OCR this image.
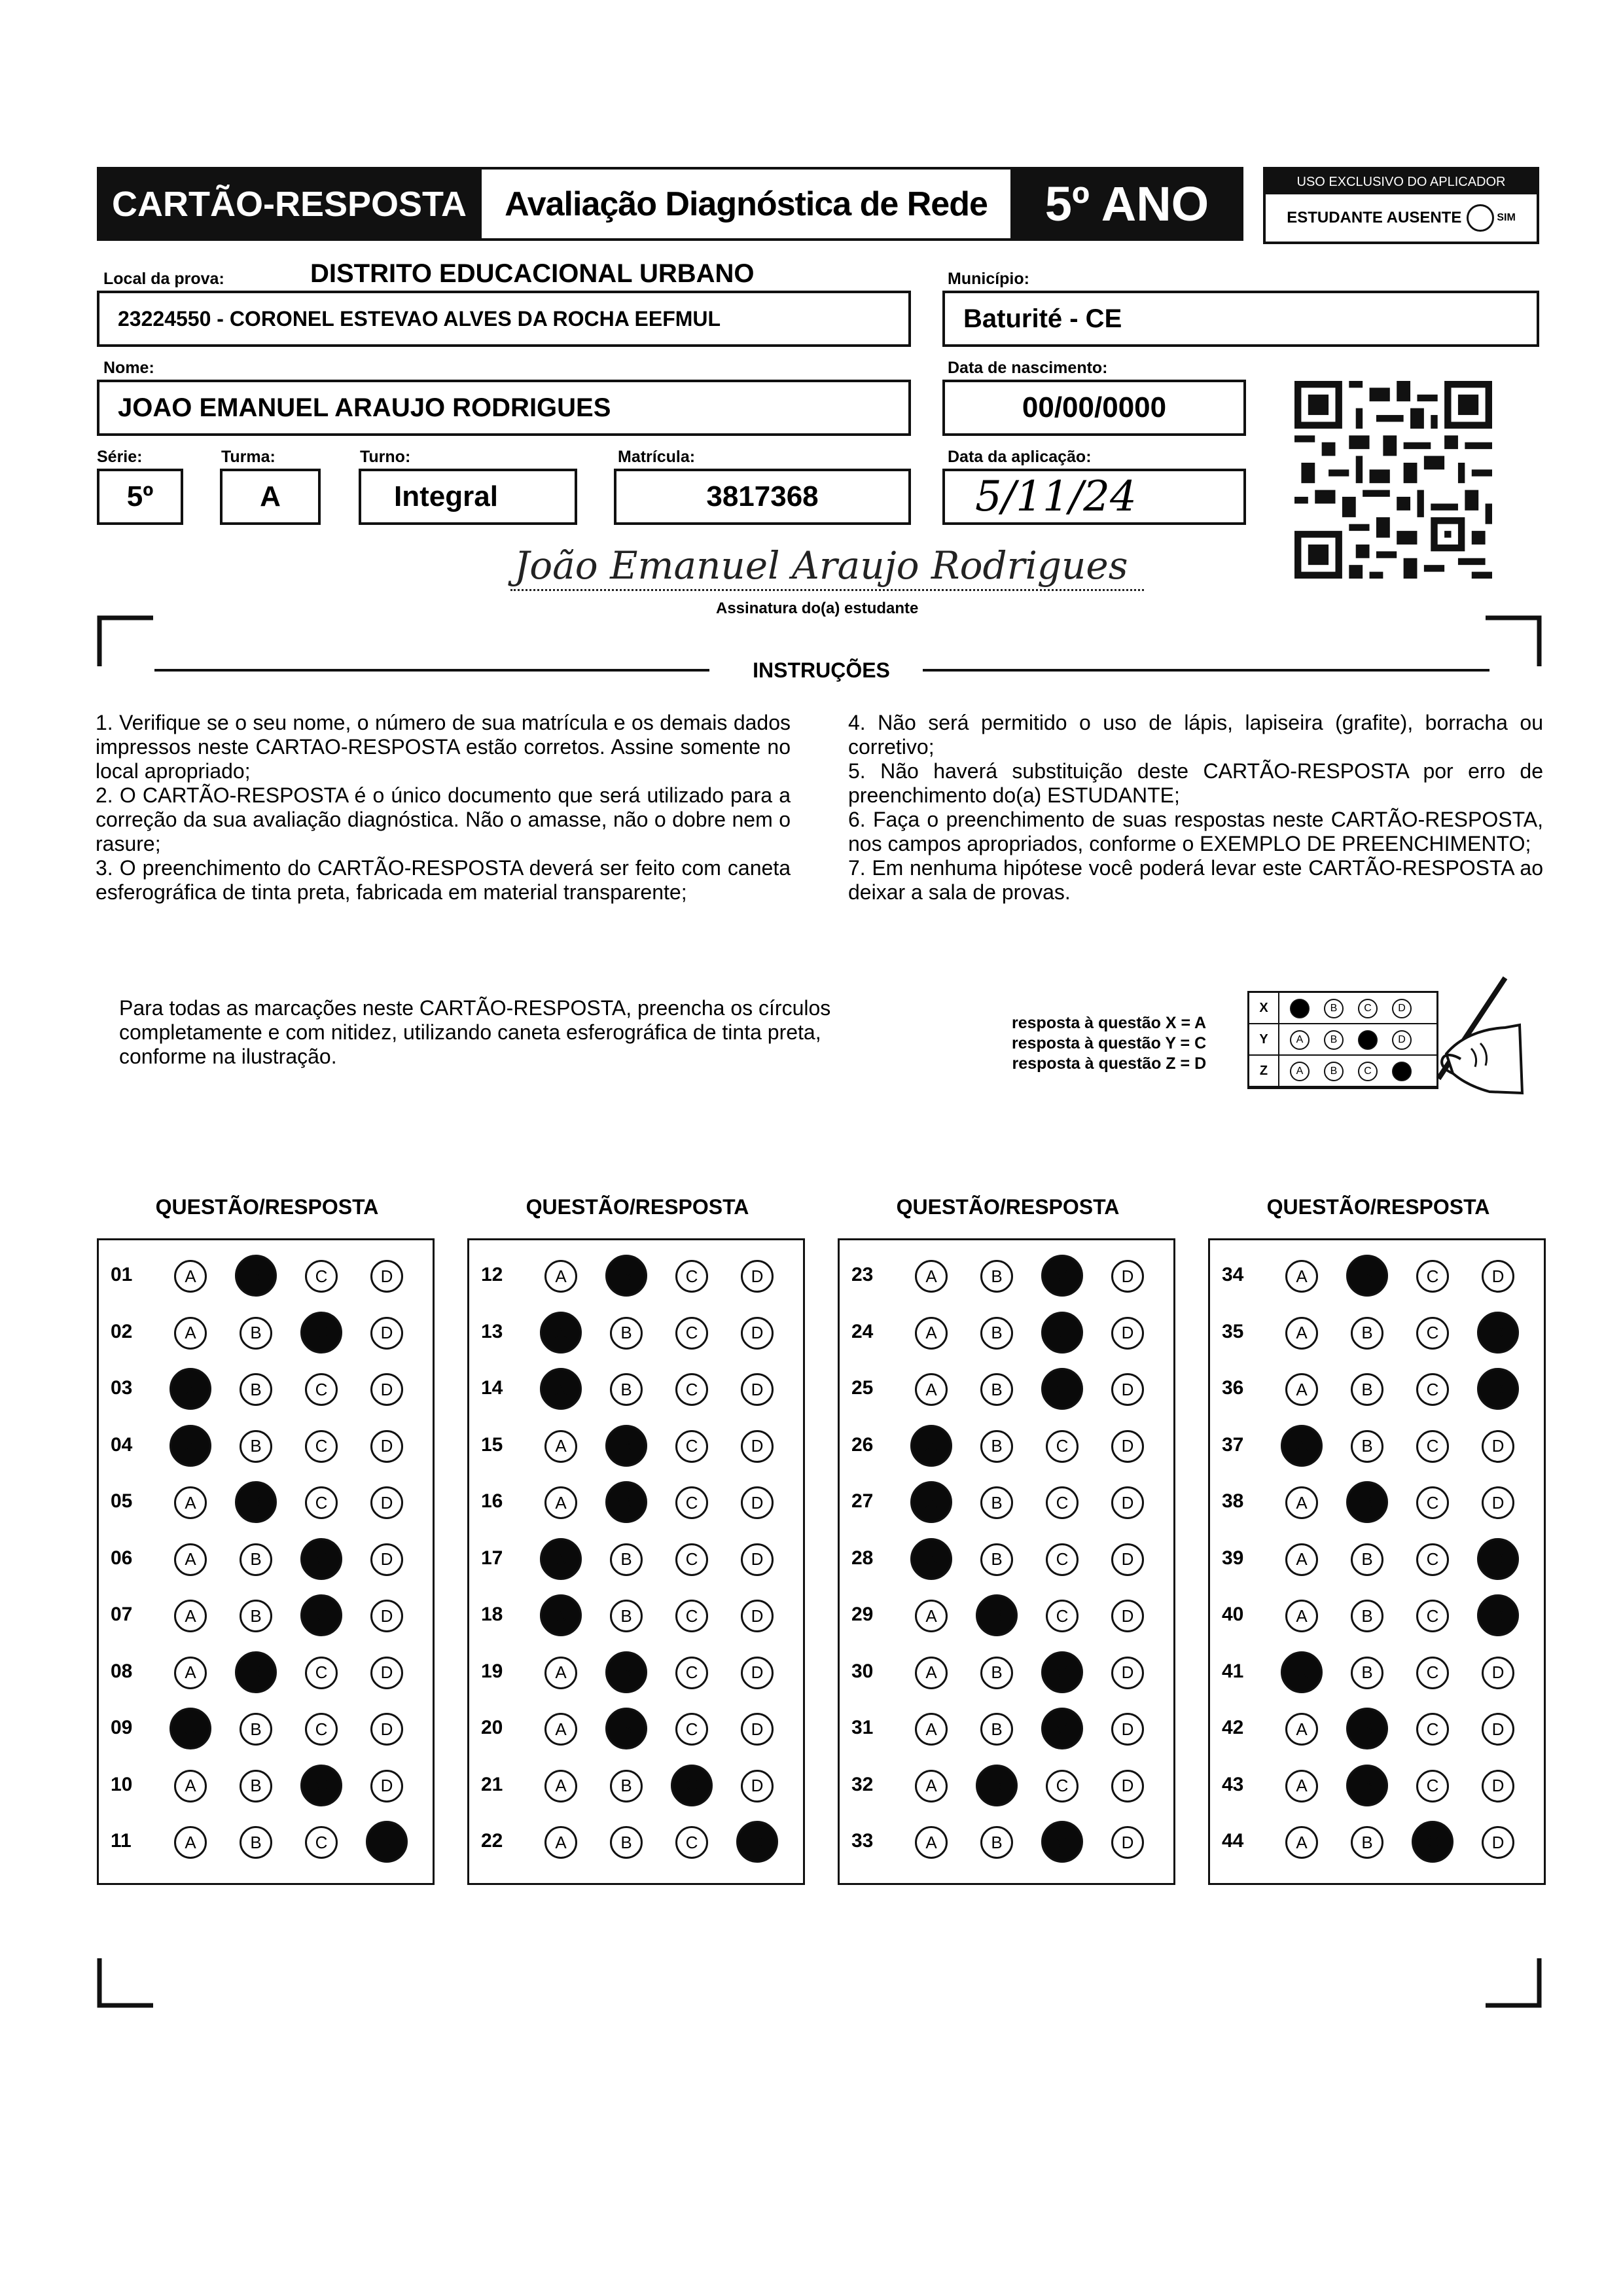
CARTÃO-RESPOSTA	Avaliação Diagnóstica de Rede	5º ANO	USO EXCLUSIVO DO APLICADOR
ESTUDANTE AUSENTE	SIM
Local da prova:	DISTRITO EDUCACIONAL URBANO
23224550 - CORONEL ESTEVAO ALVES DA ROCHA EEFMUL
Município:
Baturité - CE
Nome:
JOAO EMANUEL ARAUJO RODRIGUES
Data de nascimento:
00/00/0000
Série:
5º
Turma:
A
Turno:
Integral
Matrícula:
3817368
Data da aplicação:
5/11/24
João Emanuel Araujo Rodrigues
Assinatura do(a) estudante
INSTRUÇÕES

1. Verifique se o seu nome, o número de sua matrícula e os demais dados impressos neste CARTAO-RESPOSTA estão corretos. Assine somente no local apropriado;

2. O CARTÃO-RESPOSTA é o único documento que será utilizado para a correção da sua avaliação diagnóstica. Não o amasse, não o dobre nem o rasure;

3. O preenchimento do CARTÃO-RESPOSTA deverá ser feito com caneta esferográfica de tinta preta, fabricada em material transparente;

4. Não será permitido o uso de lápis, lapiseira (grafite), borracha ou corretivo;

5. Não haverá substituição deste CARTÃO-RESPOSTA por erro de preenchimento do(a) ESTUDANTE;

6. Faça o preenchimento de suas respostas neste CARTÃO-RESPOSTA, nos campos apropriados, conforme o EXEMPLO DE PREENCHIMENTO;

7. Em nenhuma hipótese você poderá levar este CARTÃO-RESPOSTA ao deixar a sala de provas.

Para todas as marcações neste CARTÃO-RESPOSTA, preencha os círculos completamente e com nitidez, utilizando caneta esferográfica de tinta preta, conforme na ilustração.
resposta à questão X = A
resposta à questão Y = C
resposta à questão Z = D
X	A	B	C	D
Y	A	B	C	D
Z	A	B	C	D
QUESTÃO/RESPOSTA
01	A	B	C	D
02	A	B	C	D
03	A	B	C	D
04	A	B	C	D
05	A	B	C	D
06	A	B	C	D
07	A	B	C	D
08	A	B	C	D
09	A	B	C	D
10	A	B	C	D
11	A	B	C	D
QUESTÃO/RESPOSTA
12	A	B	C	D
13	A	B	C	D
14	A	B	C	D
15	A	B	C	D
16	A	B	C	D
17	A	B	C	D
18	A	B	C	D
19	A	B	C	D
20	A	B	C	D
21	A	B	C	D
22	A	B	C	D
QUESTÃO/RESPOSTA
23	A	B	C	D
24	A	B	C	D
25	A	B	C	D
26	A	B	C	D
27	A	B	C	D
28	A	B	C	D
29	A	B	C	D
30	A	B	C	D
31	A	B	C	D
32	A	B	C	D
33	A	B	C	D
QUESTÃO/RESPOSTA
34	A	B	C	D
35	A	B	C	D
36	A	B	C	D
37	A	B	C	D
38	A	B	C	D
39	A	B	C	D
40	A	B	C	D
41	A	B	C	D
42	A	B	C	D
43	A	B	C	D
44	A	B	C	D
